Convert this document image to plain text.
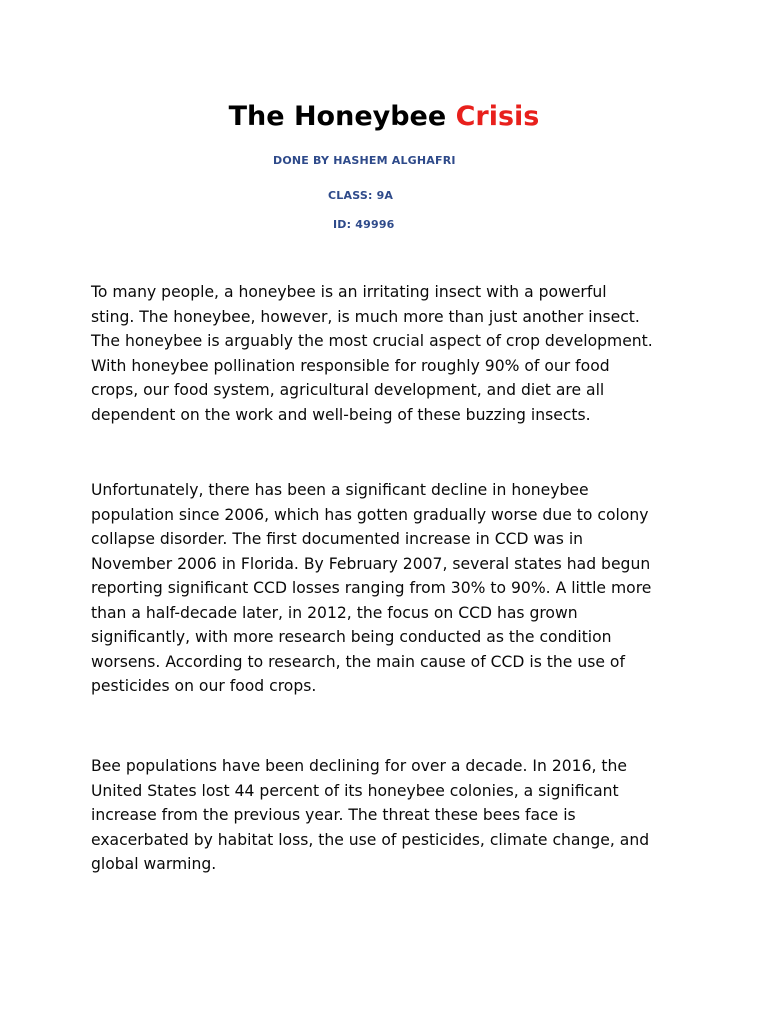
The Honeybee Crisis
DONE BY HASHEM ALGHAFRI
CLASS: 9A
ID: 49996

To many people, a honeybee is an irritating insect with a powerful
sting. The honeybee, however, is much more than just another insect.
The honeybee is arguably the most crucial aspect of crop development.
With honeybee pollination responsible for roughly 90% of our food
crops, our food system, agricultural development, and diet are all
dependent on the work and well-being of these buzzing insects.

Unfortunately, there has been a significant decline in honeybee
population since 2006, which has gotten gradually worse due to colony
collapse disorder. The first documented increase in CCD was in
November 2006 in Florida. By February 2007, several states had begun
reporting significant CCD losses ranging from 30% to 90%. A little more
than a half-decade later, in 2012, the focus on CCD has grown
significantly, with more research being conducted as the condition
worsens. According to research, the main cause of CCD is the use of
pesticides on our food crops.

Bee populations have been declining for over a decade. In 2016, the
United States lost 44 percent of its honeybee colonies, a significant
increase from the previous year. The threat these bees face is
exacerbated by habitat loss, the use of pesticides, climate change, and
global warming.
